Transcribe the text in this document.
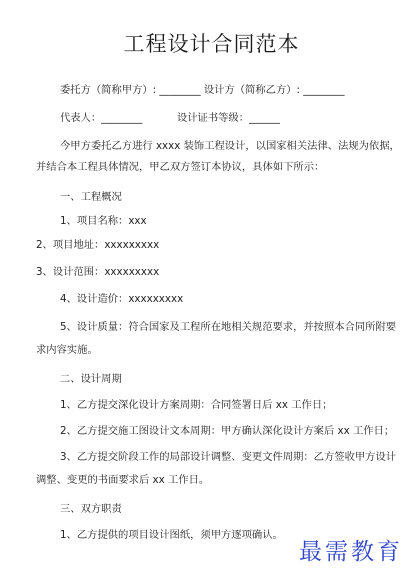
工程设计合同范本
委托方（简称甲方）: ________ 设计方（简称乙方）: ________
代表人：________	设计证书等级：______
今甲方委托乙方进行 xxxx 装饰工程设计，以国家相关法律、法规为依据，
并结合本工程具体情况，甲乙双方签订本协议，具体如下所示：
一、工程概况
1、项目名称：xxx
2、项目地址：xxxxxxxxx
3、设计范围：xxxxxxxxx
4、设计造价：xxxxxxxxx
5、设计质量：符合国家及工程所在地相关规范要求，并按照本合同所附要
求内容实施。
二、设计周期
1、乙方提交深化设计方案周期：合同签署日后 xx 工作日；
2、乙方提交施工图设计文本周期：甲方确认深化设计方案后 xx 工作日；
3、乙方提交阶段工作的局部设计调整、变更文件周期：乙方签收甲方设计
调整、变更的书面要求后 xx 工作日。
三、双方职责
1、乙方提供的项目设计图纸，须甲方逐项确认。
最需教育
